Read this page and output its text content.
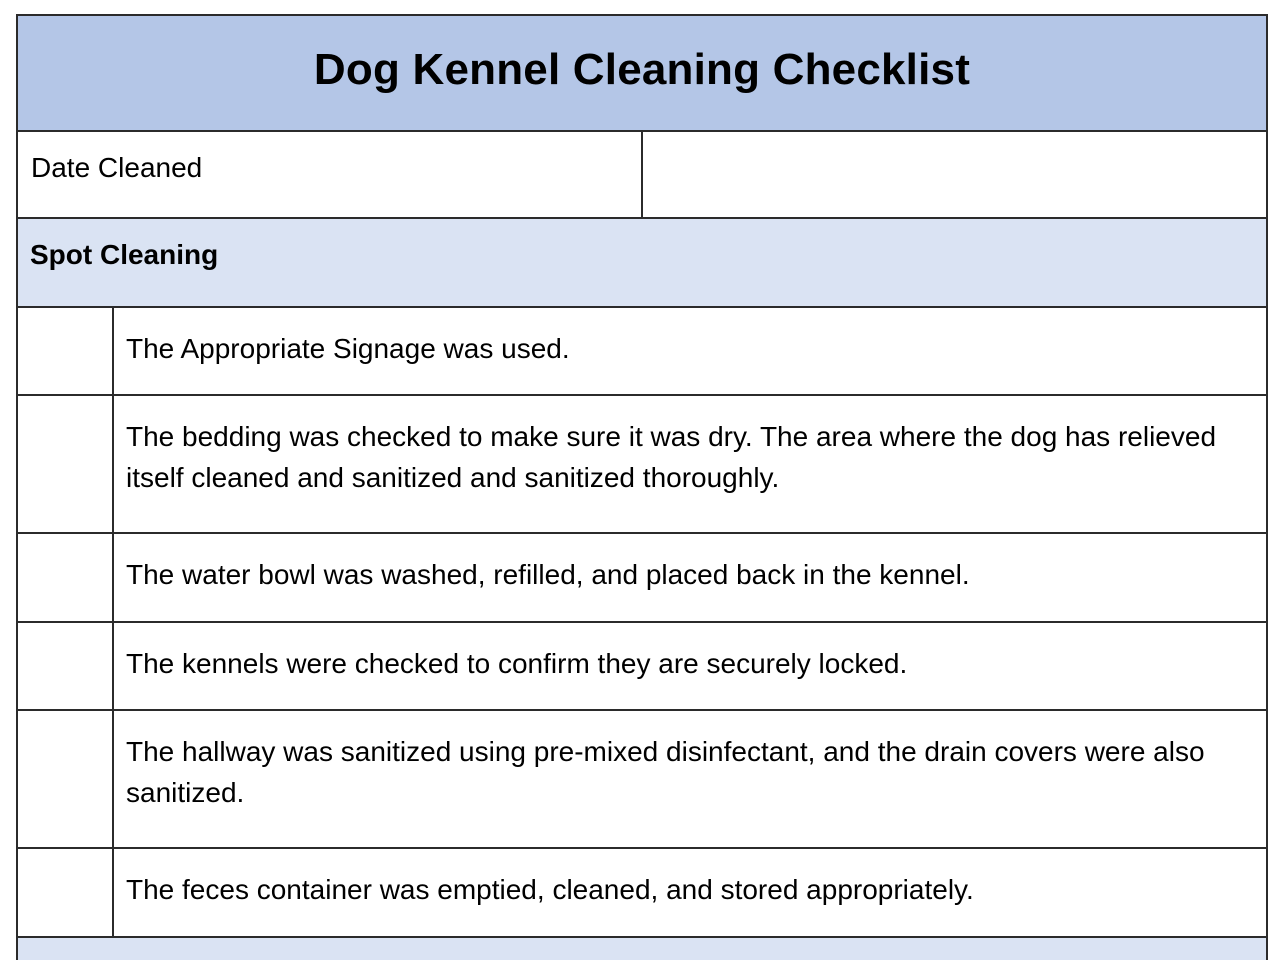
Dog Kennel Cleaning Checklist
Date Cleaned
Spot Cleaning
The Appropriate Signage was used.
The bedding was checked to make sure it was dry. The area where the dog has relieved itself cleaned and sanitized and sanitized thoroughly.
The water bowl was washed, refilled, and placed back in the kennel.
The kennels were checked to confirm they are securely locked.
The hallway was sanitized using pre-mixed disinfectant, and the drain covers were also sanitized.
The feces container was emptied, cleaned, and stored appropriately.
